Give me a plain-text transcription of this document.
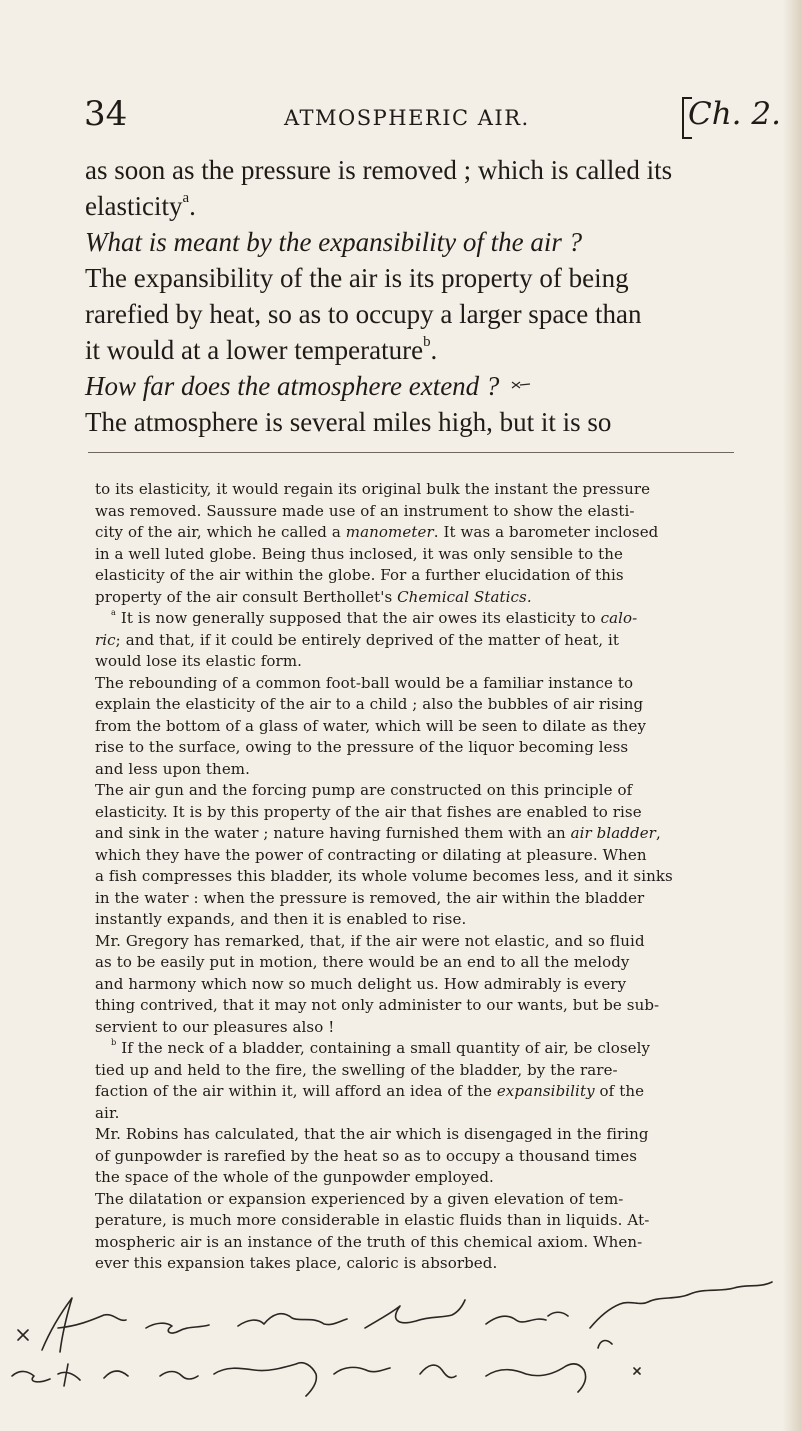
34	ATMOSPHERIC AIR.	Ch. 2.
as soon as the pressure is removed ; which is called its
elasticity$^a$.
What is meant by the expansibility of the air ?
The expansibility of the air is its property of being
rarefied by heat, so as to occupy a larger space than
it would at a lower temperature$^b$.
How far does the atmosphere extend ?
The atmosphere is several miles high, but it is so
to its elasticity, it would regain its original bulk the instant the pressure
was removed. Saussure made use of an instrument to show the elasti-
city of the air, which he called a manometer. It was a barometer inclosed
in a well luted globe. Being thus inclosed, it was only sensible to the
elasticity of the air within the globe. For a further elucidation of this
property of the air consult Berthollet's Chemical Statics.
$^a$ It is now generally supposed that the air owes its elasticity to calo-
ric; and that, if it could be entirely deprived of the matter of heat, it
would lose its elastic form.
The rebounding of a common foot-ball would be a familiar instance to
explain the elasticity of the air to a child ; also the bubbles of air rising
from the bottom of a glass of water, which will be seen to dilate as they
rise to the surface, owing to the pressure of the liquor becoming less
and less upon them.
The air gun and the forcing pump are constructed on this principle of
elasticity. It is by this property of the air that fishes are enabled to rise
and sink in the water ; nature having furnished them with an air bladder,
which they have the power of contracting or dilating at pleasure. When
a fish compresses this bladder, its whole volume becomes less, and it sinks
in the water : when the pressure is removed, the air within the bladder
instantly expands, and then it is enabled to rise.
Mr. Gregory has remarked, that, if the air were not elastic, and so fluid
as to be easily put in motion, there would be an end to all the melody
and harmony which now so much delight us. How admirably is every
thing contrived, that it may not only administer to our wants, but be sub-
servient to our pleasures also !
$^b$ If the neck of a bladder, containing a small quantity of air, be closely
tied up and held to the fire, the swelling of the bladder, by the rare-
faction of the air within it, will afford an idea of the expansibility of the
air.
Mr. Robins has calculated, that the air which is disengaged in the firing
of gunpowder is rarefied by the heat so as to occupy a thousand times
the space of the whole of the gunpowder employed.
The dilatation or expansion experienced by a given elevation of tem-
perature, is much more considerable in elastic fluids than in liquids. At-
mospheric air is an instance of the truth of this chemical axiom. When-
ever this expansion takes place, caloric is absorbed.
